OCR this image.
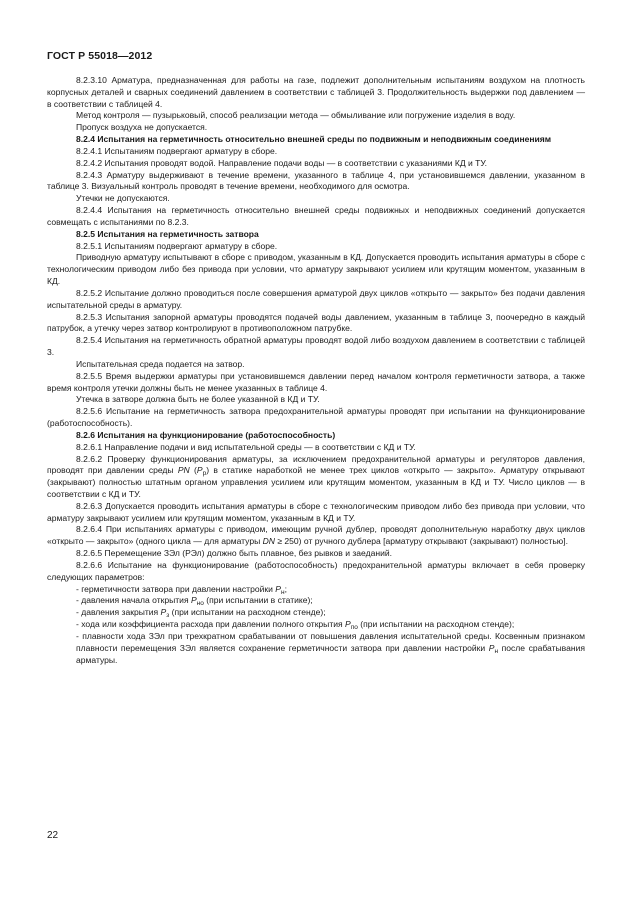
ГОСТ Р 55018—2012

8.2.3.10 Арматура, предназначенная для работы на газе, подлежит дополнительным испытаниям воздухом на плотность корпусных деталей и сварных соединений давлением в соответствии с таблицей 3. Продолжительность выдержки под давлением — в соответствии с таблицей 4.

Метод контроля — пузырьковый, способ реализации метода — обмыливание или погружение изделия в воду.

Пропуск воздуха не допускается.

8.2.4 Испытания на герметичность относительно внешней среды по подвижным и неподвижным соединениям

8.2.4.1 Испытаниям подвергают арматуру в сборе.

8.2.4.2 Испытания проводят водой. Направление подачи воды — в соответствии с указаниями КД и ТУ.

8.2.4.3 Арматуру выдерживают в течение времени, указанного в таблице 4, при установившемся давлении, указанном в таблице 3. Визуальный контроль проводят в течение времени, необходимого для осмотра.

Утечки не допускаются.

8.2.4.4 Испытания на герметичность относительно внешней среды подвижных и неподвижных соединений допускается совмещать с испытаниями по 8.2.3.

8.2.5 Испытания на герметичность затвора

8.2.5.1 Испытаниям подвергают арматуру в сборе.

Приводную арматуру испытывают в сборе с приводом, указанным в КД. Допускается проводить испытания арматуры в сборе с технологическим приводом либо без привода при условии, что арматуру закрывают усилием или крутящим моментом, указанным в КД.

8.2.5.2 Испытание должно проводиться после совершения арматурой двух циклов «открыто — закрыто» без подачи давления испытательной среды в арматуру.

8.2.5.3 Испытания запорной арматуры проводятся подачей воды давлением, указанным в таблице 3, поочередно в каждый патрубок, а утечку через затвор контролируют в противоположном патрубке.

8.2.5.4 Испытания на герметичность обратной арматуры проводят водой либо воздухом давлением в соответствии с таблицей 3.

Испытательная среда подается на затвор.

8.2.5.5 Время выдержки арматуры при установившемся давлении перед началом контроля герметичности затвора, а также время контроля утечки должны быть не менее указанных в таблице 4.

Утечка в затворе должна быть не более указанной в КД и ТУ.

8.2.5.6 Испытание на герметичность затвора предохранительной арматуры проводят при испытании на функционирование (работоспособность).

8.2.6 Испытания на функционирование (работоспособность)

8.2.6.1 Направление подачи и вид испытательной среды — в соответствии с КД и ТУ.

8.2.6.2 Проверку функционирования арматуры, за исключением предохранительной арматуры и регуляторов давления, проводят при давлении среды PN $(P_р)$ в статике наработкой не менее трех циклов «открыто — закрыто». Арматуру открывают (закрывают) полностью штатным органом управления усилием или крутящим моментом, указанным в КД и ТУ. Число циклов — в соответствии с КД и ТУ.

8.2.6.3 Допускается проводить испытания арматуры в сборе с технологическим приводом либо без привода при условии, что арматуру закрывают усилием или крутящим моментом, указанным в КД и ТУ.

8.2.6.4 При испытаниях арматуры с приводом, имеющим ручной дублер, проводят дополнительную наработку двух циклов «открыто — закрыто» (одного цикла — для арматуры DN ≥ 250) от ручного дублера [арматуру открывают (закрывают) полностью].

8.2.6.5 Перемещение ЗЭл (РЭл) должно быть плавное, без рывков и заеданий.

8.2.6.6 Испытание на функционирование (работоспособность) предохранительной арматуры включает в себя проверку следующих параметров:

- герметичности затвора при давлении настройки $P_н$;

- давления начала открытия $P_{но}$ (при испытании в статике);

- давления закрытия $P_з$ (при испытании на расходном стенде);

- хода или коэффициента расхода при давлении полного открытия $P_{по}$ (при испытании на расходном стенде);

- плавности хода ЗЭл при трехкратном срабатывании от повышения давления испытательной среды. Косвенным признаком плавности перемещения ЗЭл является сохранение герметичности затвора при давлении настройки $P_н$ после срабатывания арматуры.

22
